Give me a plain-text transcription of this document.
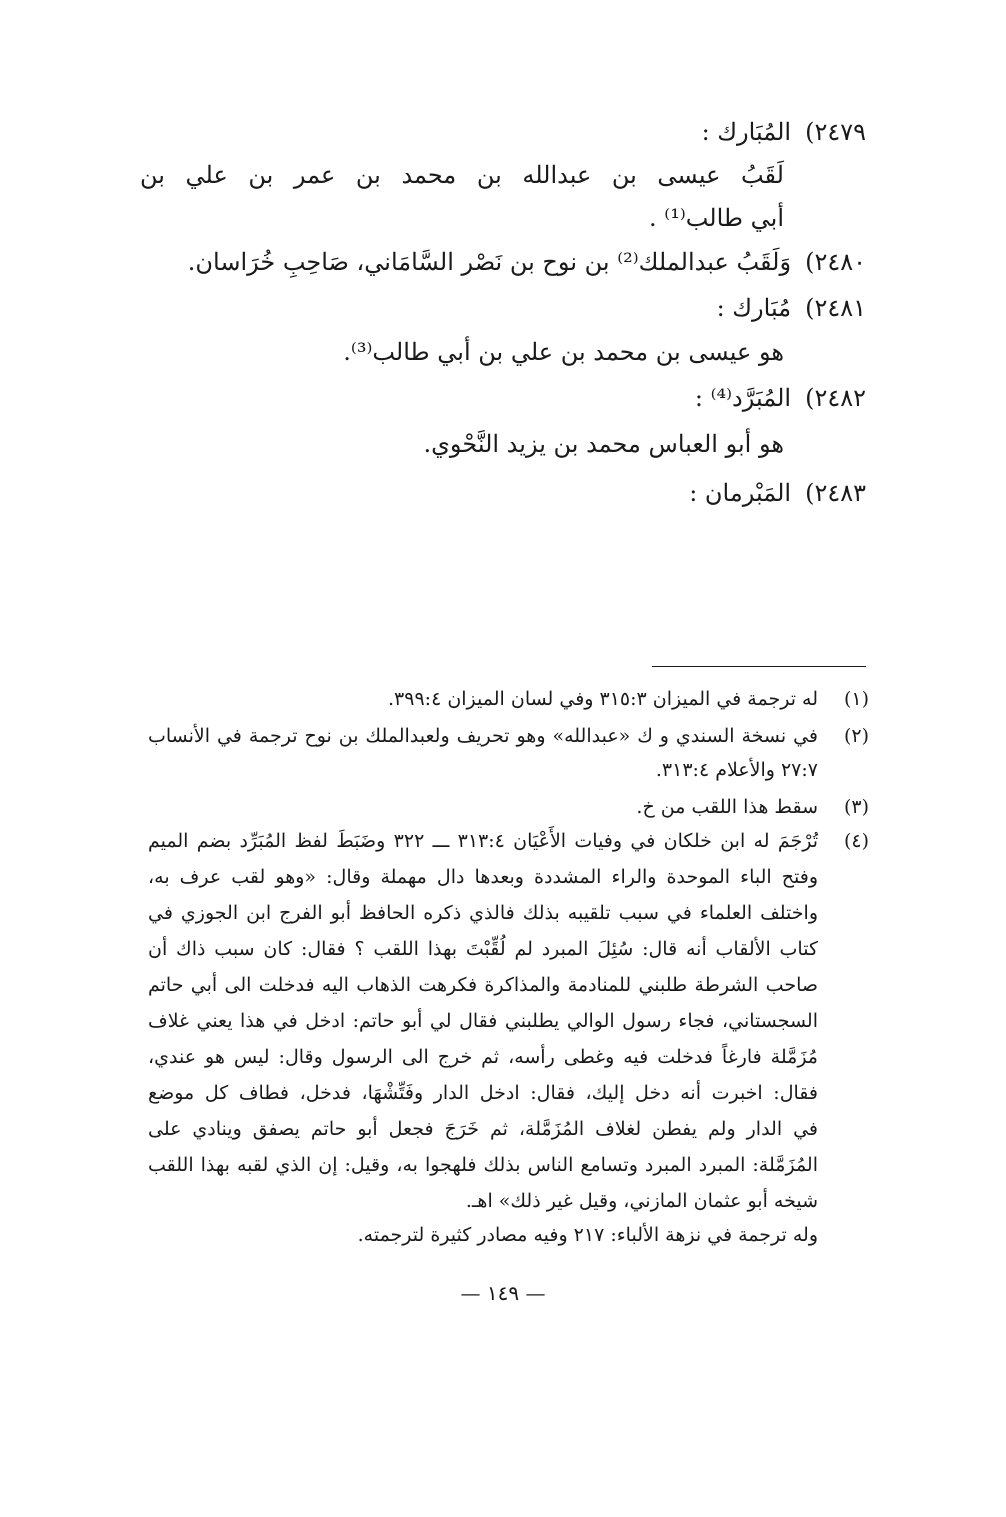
٢٤٧٩)المُبَارك :
لَقَبُ عيسى بن عبدالله بن محمد بن عمر بن علي بن
أبي طالب⁽¹⁾ .
٢٤٨٠)وَلَقَبُ عبدالملك⁽²⁾ بن نوح بن نَصْر السَّامَاني، صَاحِبِ خُرَاسان.
٢٤٨١)مُبَارك :
هو عيسى بن محمد بن علي بن أبي طالب⁽³⁾.
٢٤٨٢)المُبَرَّد⁽⁴⁾ :
هو أبو العباس محمد بن يزيد النَّحْوي.
٢٤٨٣)المَبْرمان :
(١)
له ترجمة في الميزان ٣١٥:٣ وفي لسان الميزان ٣٩٩:٤.
(٢)
في نسخة السندي و ك «عبدالله» وهو تحريف ولعبدالملك بن نوح ترجمة في الأنساب
٢٧:٧ والأعلام ٣١٣:٤.
(٣)
سقط هذا اللقب من خ.
(٤)
تُرْجَمَ له ابن خلكان في وفيات الأَعْيَان ٣١٣:٤ ـــ ٣٢٢ وضَبَطَ لفظ المُبَرِّد بضم الميم
وفتح الباء الموحدة والراء المشددة وبعدها دال مهملة وقال: «وهو لقب عرف به،
واختلف العلماء في سبب تلقيبه بذلك فالذي ذكره الحافظ أبو الفرج ابن الجوزي في
كتاب الألقاب أنه قال: سُئِلَ المبرد لم لُقِّبْتَ بهذا اللقب ؟ فقال: كان سبب ذاك أن
صاحب الشرطة طلبني للمنادمة والمذاكرة فكرهت الذهاب اليه فدخلت الى أبي حاتم
السجستاني، فجاء رسول الوالي يطلبني فقال لي أبو حاتم: ادخل في هذا يعني غلاف
مُزَمَّلة فارغاً فدخلت فيه وغطى رأسه، ثم خرج الى الرسول وقال: ليس هو عندي،
فقال: اخبرت أنه دخل إليك، فقال: ادخل الدار وفَتِّشْهَا، فدخل، فطاف كل موضع
في الدار ولم يفطن لغلاف المُزَمَّلة، ثم خَرَجَ فجعل أبو حاتم يصفق وينادي على
المُزَمَّلة: المبرد المبرد وتسامع الناس بذلك فلهجوا به، وقيل: إن الذي لقبه بهذا اللقب
شيخه أبو عثمان المازني، وقيل غير ذلك» اهـ.
وله ترجمة في نزهة الألباء: ٢١٧ وفيه مصادر كثيرة لترجمته.
— ١٤٩ —
